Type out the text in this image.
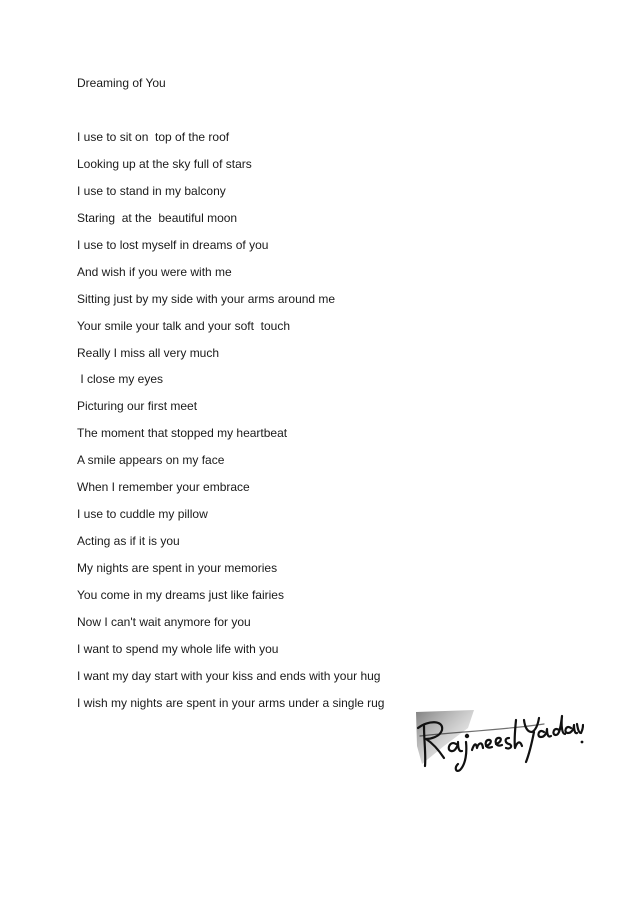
Dreaming of You
I use to sit on  top of the roof
Looking up at the sky full of stars
I use to stand in my balcony
Staring  at the  beautiful moon
I use to lost myself in dreams of you
And wish if you were with me
Sitting just by my side with your arms around me
Your smile your talk and your soft  touch
Really I miss all very much
I close my eyes
Picturing our first meet
The moment that stopped my heartbeat
A smile appears on my face
When I remember your embrace
I use to cuddle my pillow
Acting as if it is you
My nights are spent in your memories
You come in my dreams just like fairies
Now I can't wait anymore for you
I want to spend my whole life with you
I want my day start with your kiss and ends with your hug
I wish my nights are spent in your arms under a single rug
